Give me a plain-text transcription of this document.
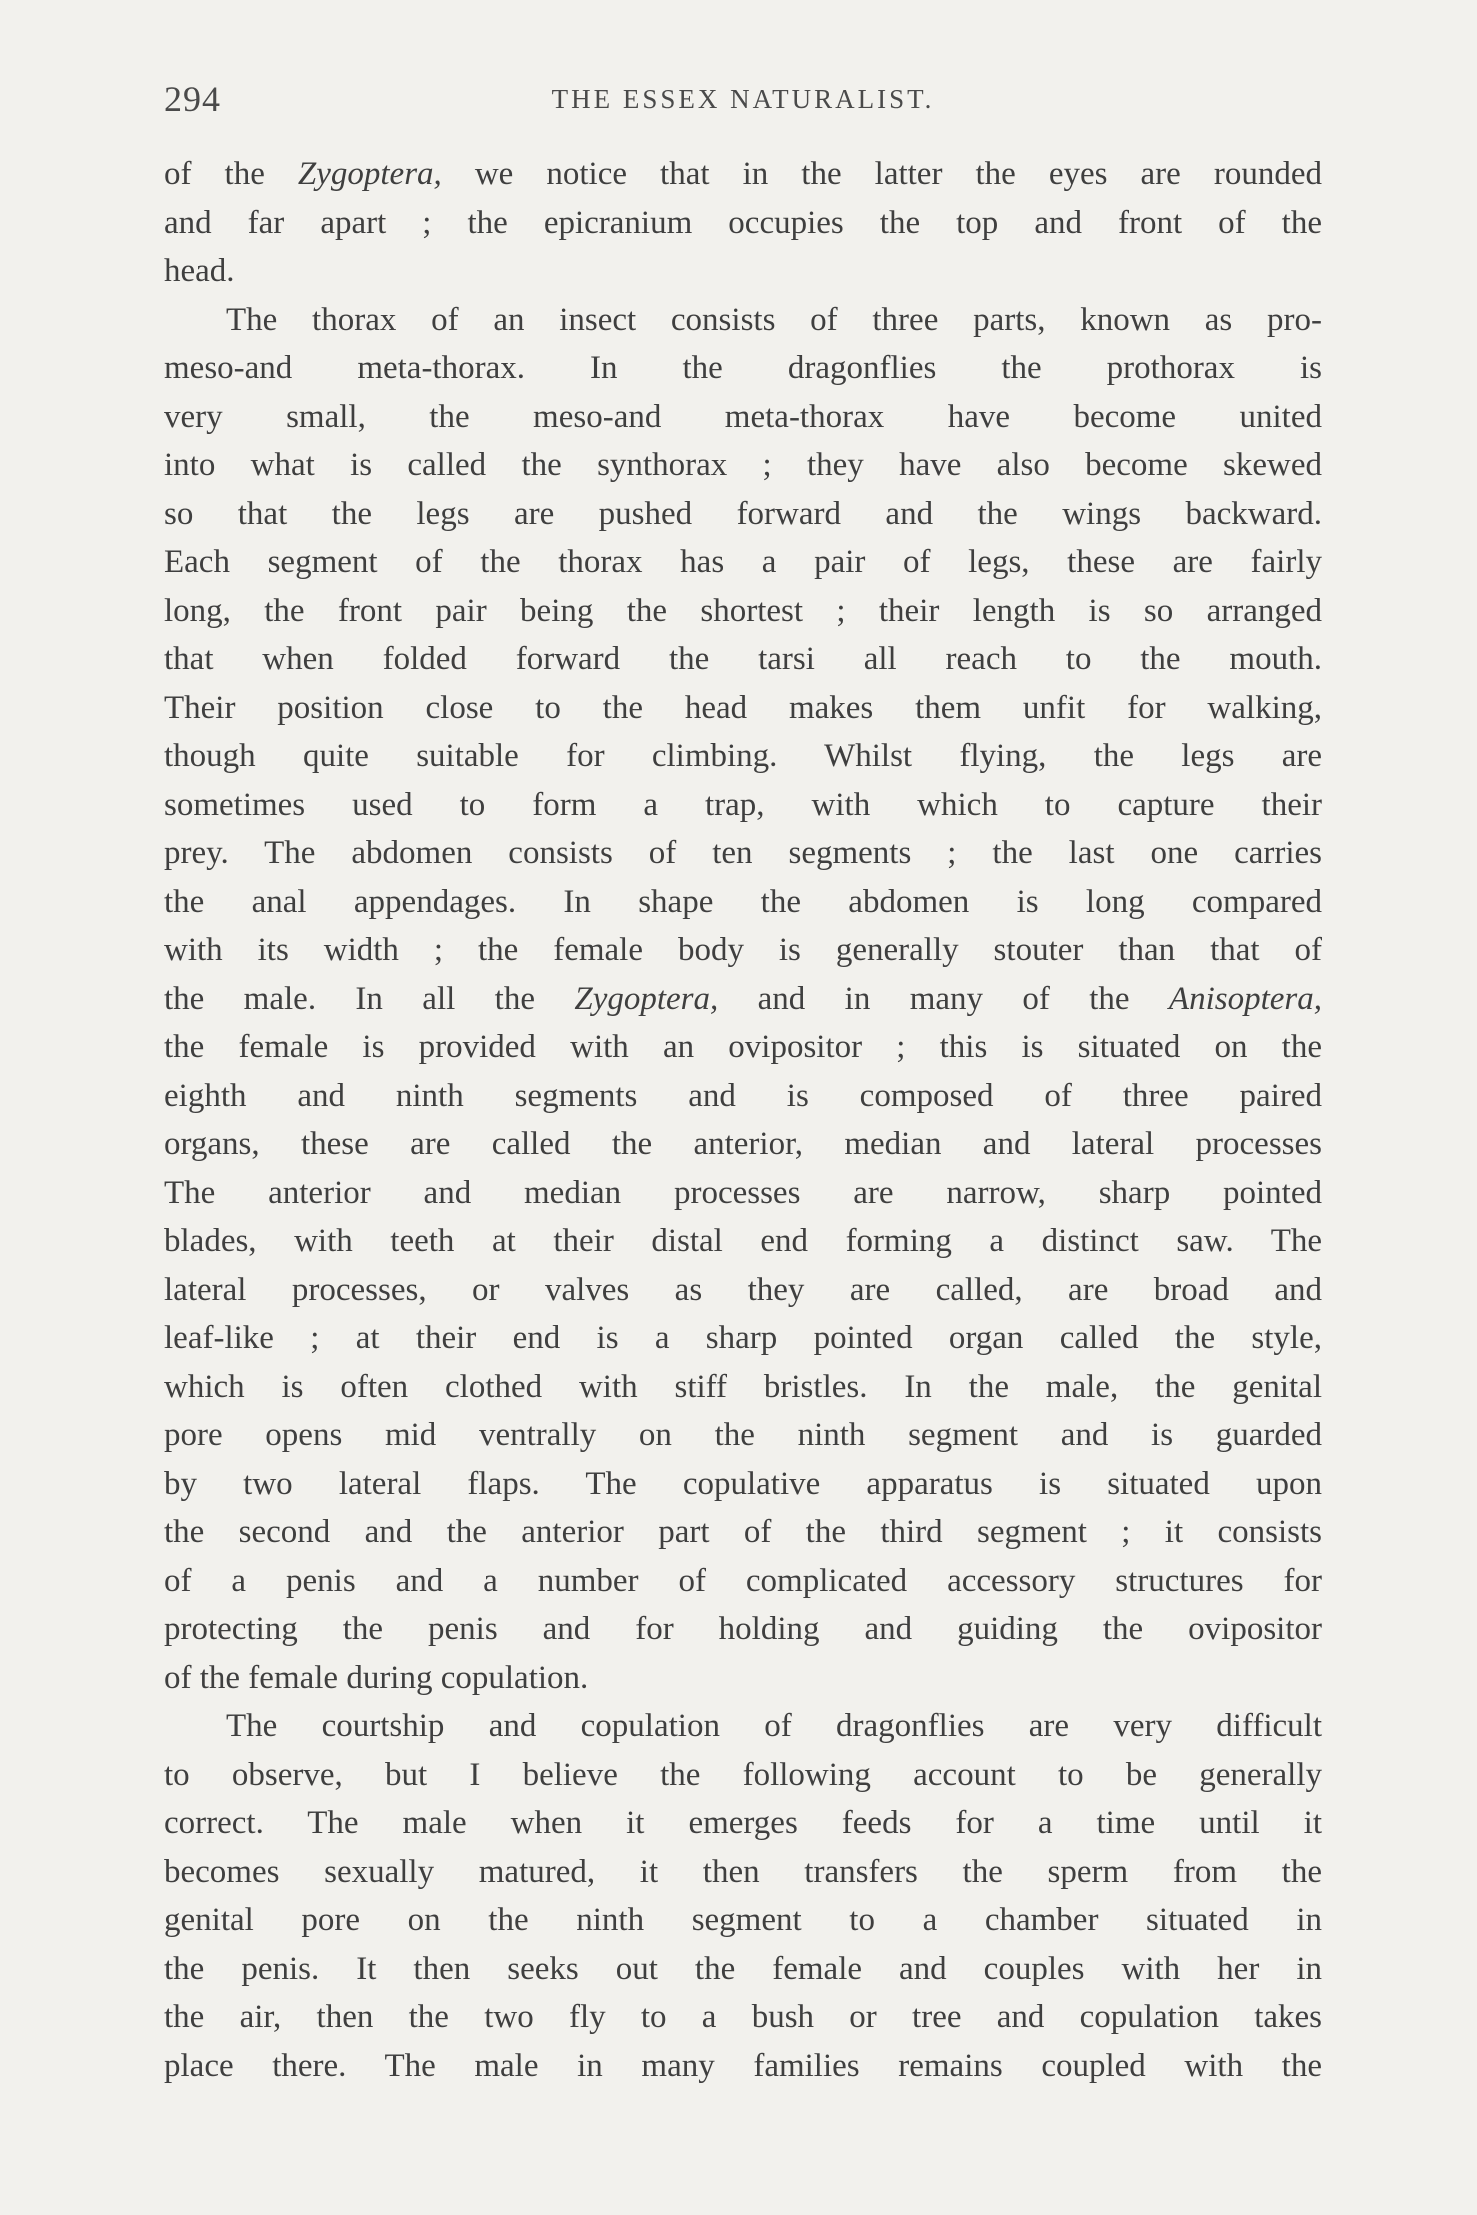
294	THE ESSEX NATURALIST.
of the Zygoptera, we notice that in the latter the eyes are rounded
and far apart ; the epicranium occupies the top and front of the
head.
The thorax of an insect consists of three parts, known as pro-
meso-and meta-thorax. In the dragonflies the prothorax is
very small, the meso-and meta-thorax have become united
into what is called the synthorax ; they have also become skewed
so that the legs are pushed forward and the wings backward.
Each segment of the thorax has a pair of legs, these are fairly
long, the front pair being the shortest ; their length is so arranged
that when folded forward the tarsi all reach to the mouth.
Their position close to the head makes them unfit for walking,
though quite suitable for climbing. Whilst flying, the legs are
sometimes used to form a trap, with which to capture their
prey. The abdomen consists of ten segments ; the last one carries
the anal appendages. In shape the abdomen is long compared
with its width ; the female body is generally stouter than that of
the male. In all the Zygoptera, and in many of the Anisoptera,
the female is provided with an ovipositor ; this is situated on the
eighth and ninth segments and is composed of three paired
organs, these are called the anterior, median and lateral processes
The anterior and median processes are narrow, sharp pointed
blades, with teeth at their distal end forming a distinct saw. The
lateral processes, or valves as they are called, are broad and
leaf-like ; at their end is a sharp pointed organ called the style,
which is often clothed with stiff bristles. In the male, the genital
pore opens mid ventrally on the ninth segment and is guarded
by two lateral flaps. The copulative apparatus is situated upon
the second and the anterior part of the third segment ; it consists
of a penis and a number of complicated accessory structures for
protecting the penis and for holding and guiding the ovipositor
of the female during copulation.
The courtship and copulation of dragonflies are very difficult
to observe, but I believe the following account to be generally
correct. The male when it emerges feeds for a time until it
becomes sexually matured, it then transfers the sperm from the
genital pore on the ninth segment to a chamber situated in
the penis. It then seeks out the female and couples with her in
the air, then the two fly to a bush or tree and copulation takes
place there. The male in many families remains coupled with the
